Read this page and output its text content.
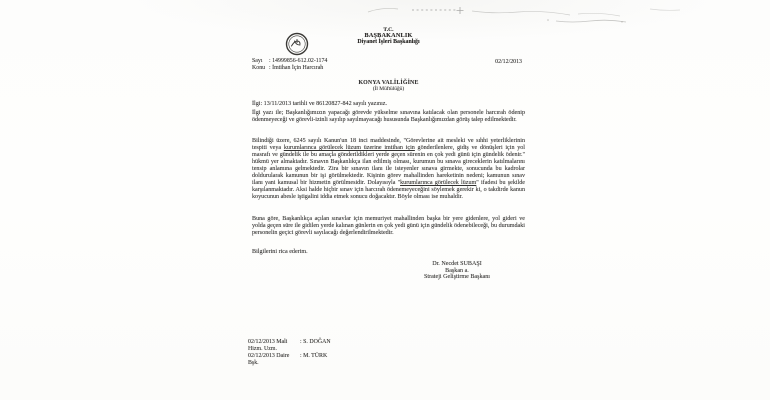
T.C.
BAŞBAKANLIK
Diyanet İşleri Başkanlığı
Sayı	: 14999856-612.02-1174
Konu : İmtihan İçin Harcırah
02/12/2013
KONYA VALİLİĞİNE
(İl Müftülüğü)
İlgi: 13/11/2013 tarihli ve 86120827-842 sayılı yazınız.
İlgi yazı ile; Başkanlığımızın yapacağı görevde yükselme sınavına katılacak olan personele harcırah ödenip ödenmeyeceği ve görevli-izinli sayılıp sayılmayacağı hususunda Başkanlığımızdan görüş talep edilmektedir.
Bilindiği üzere, 6245 sayılı Kanun'un 18 inci maddesinde, "Görevlerine ait mesleki ve sıhhi yeterliklerinin tespiti veya kurumlarınca görülecek lüzum üzerine imtihan için gönderilenlere, gidiş ve dönüşleri için yol masrafı ve gündelik ile bu amaçla gönderildikleri yerde geçen sürenin en çok yedi günü için gündelik ödenir." hükmü yer almaktadır. Sınavın Başkanlıkça ilan edilmiş olması, kurumun bu sınava gireceklerin katılmalarını tensip anlamına gelmektedir. Zira bir sınavın ilanı ile isteyenler sınava girmekte, sonucunda bu kadrolar doldurularak kamunun bir işi görülmektedir. Kişinin görev mahallinden hareketinin nedeni; kamunun sınav ilanı yani kamusal bir hizmetin görülmesidir. Dolayısıyla "kurumlarınca görülecek lüzum" ifadesi bu şekilde karşılanmaktadır. Aksi halde hiçbir sınav için harcırah ödenemeyeceğini söylemek gerekir ki, o takdirde kanun koyucunun abesle iştigalini iddia etmek sonucu doğacaktır. Böyle olması ise muhaldir.
Buna göre, Başkanlıkça açılan sınavlar için memuriyet mahallinden başka bir yere gidenlere, yol gideri ve yolda geçen süre ile gidilen yerde kalınan günlerin en çok yedi günü için gündelik ödenebileceği, bu durumdaki personelin geçici görevli sayılacağı değerlendirilmektedir.
Bilgilerini rica ederim.
Dr. Necdet SUBAŞI
Başkan a.
Strateji Geliştirme Başkanı
02/12/2013 Mali Hizm. Uzm.
: S. DOĞAN
02/12/2013 Daire Bşk.
: M. TÜRK
